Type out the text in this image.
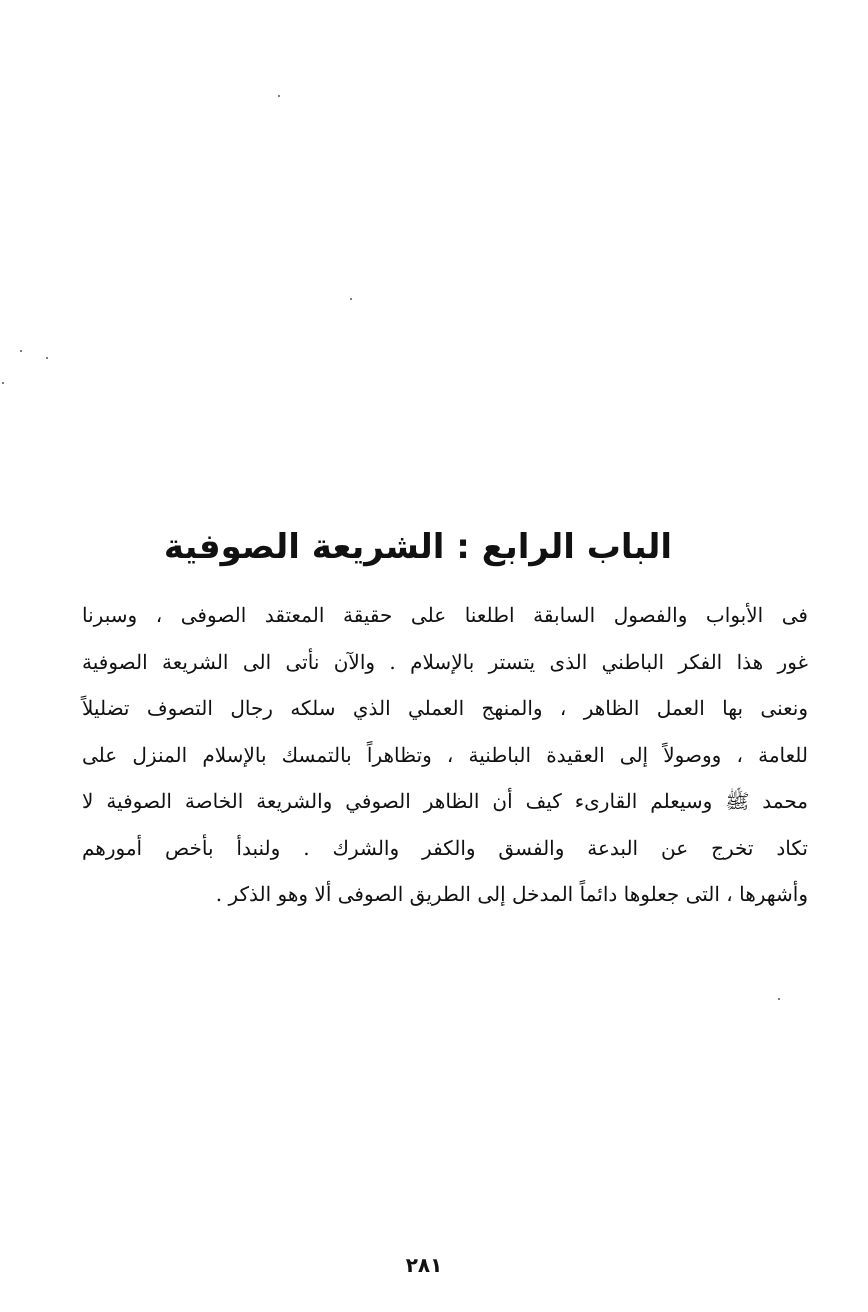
الباب الرابع : الشريعة الصوفية
فى الأبواب والفصول السابقة اطلعنا على حقيقة المعتقد الصوفى ، وسبرنا
غور هذا الفكر الباطني الذى يتستر بالإسلام . والآن نأتى الى الشريعة الصوفية
ونعنى بها العمل الظاهر ، والمنهج العملي الذي سلكه رجال التصوف تضليلاً
للعامة ، ووصولاً إلى العقيدة الباطنية ، وتظاهراً بالتمسك بالإسلام المنزل على
محمد ﷺ وسيعلم القارىء كيف أن الظاهر الصوفي والشريعة الخاصة الصوفية لا
تكاد تخرج عن البدعة والفسق والكفر والشرك . ولنبدأ بأخص أمورهم
وأشهرها ، التى جعلوها دائماً المدخل إلى الطريق الصوفى ألا وهو الذكر .
٢٨١
